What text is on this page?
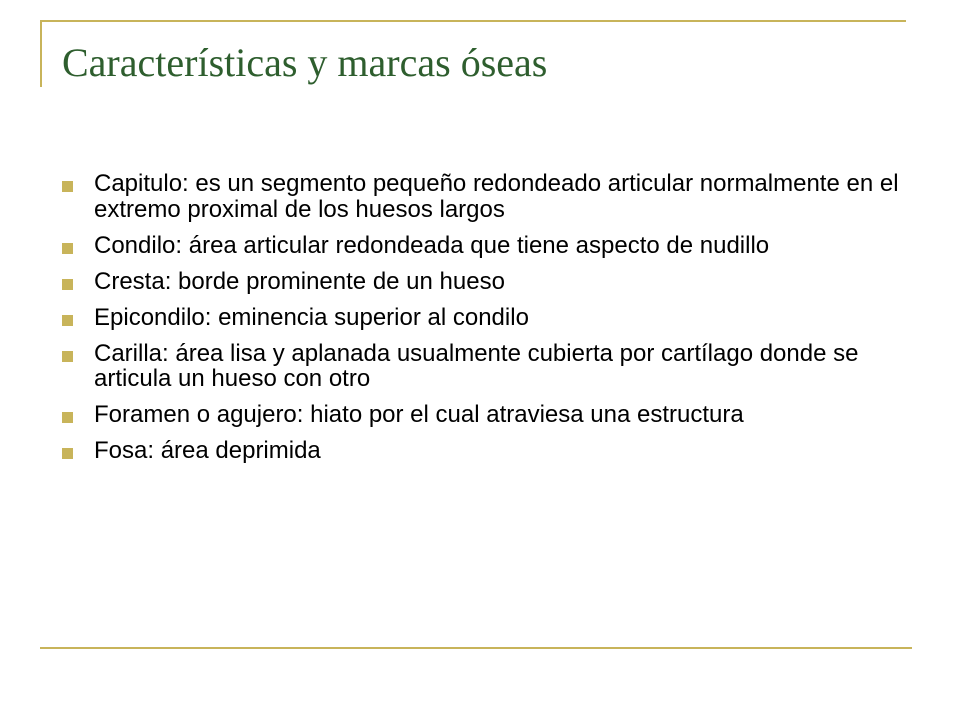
Características y marcas óseas
Capitulo: es un segmento pequeño redondeado articular normalmente en el extremo proximal de los huesos largos
Condilo: área articular redondeada que tiene aspecto de nudillo
Cresta: borde prominente de un hueso
Epicondilo: eminencia superior al condilo
Carilla: área lisa y aplanada usualmente cubierta por cartílago donde se articula un hueso con otro
Foramen o agujero: hiato por el cual atraviesa una estructura
Fosa: área deprimida
